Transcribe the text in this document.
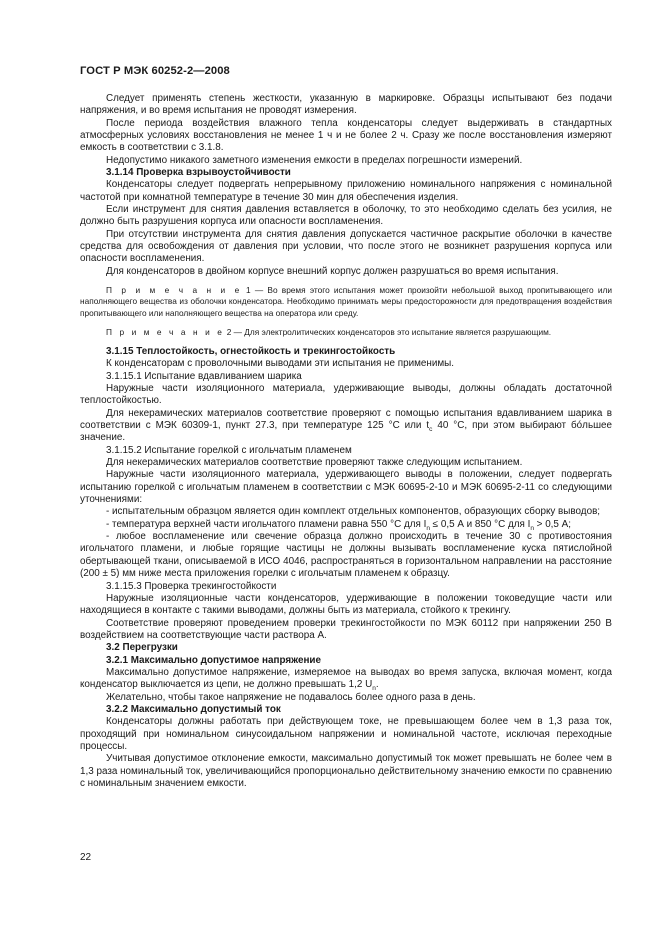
ГОСТ Р МЭК 60252-2—2008

Следует применять степень жесткости, указанную в маркировке. Образцы испытывают без подачи напряжения, и во время испытания не проводят измерения.

После периода воздействия влажного тепла конденсаторы следует выдерживать в стандартных атмосферных условиях восстановления не менее 1 ч и не более 2 ч. Сразу же после восстановления измеряют емкость в соответствии с 3.1.8.

Недопустимо никакого заметного изменения емкости в пределах погрешности измерений.

3.1.14 Проверка взрывоустойчивости

Конденсаторы следует подвергать непрерывному приложению номинального напряжения с номинальной частотой при комнатной температуре в течение 30 мин для обеспечения изделия.

Если инструмент для снятия давления вставляется в оболочку, то это необходимо сделать без усилия, не должно быть разрушения корпуса или опасности воспламенения.

При отсутствии инструмента для снятия давления допускается частичное раскрытие оболочки в качестве средства для освобождения от давления при условии, что после этого не возникнет разрушения корпуса или опасности воспламенения.

Для конденсаторов в двойном корпусе внешний корпус должен разрушаться во время испытания.

П р и м е ч а н и е 1 — Во время этого испытания может произойти небольшой выход пропитывающего или наполняющего вещества из оболочки конденсатора. Необходимо принимать меры предосторожности для предотвращения воздействия пропитывающего или наполняющего вещества на оператора или среду.

П р и м е ч а н и е 2 — Для электролитических конденсаторов это испытание является разрушающим.

3.1.15 Теплостойкость, огнестойкость и трекингостойкость

К конденсаторам с проволочными выводами эти испытания не применимы.

3.1.15.1 Испытание вдавливанием шарика

Наружные части изоляционного материала, удерживающие выводы, должны обладать достаточной теплостойкостью.

Для некерамических материалов соответствие проверяют с помощью испытания вдавливанием шарика в соответствии с МЭК 60309-1, пункт 27.3, при температуре 125 °C или $t_c$ 40 °C, при этом выбирают бóльшее значение.

3.1.15.2 Испытание горелкой с игольчатым пламенем

Для некерамических материалов соответствие проверяют также следующим испытанием.

Наружные части изоляционного материала, удерживающего выводы в положении, следует подвергать испытанию горелкой с игольчатым пламенем в соответствии с МЭК 60695-2-10 и МЭК 60695-2-11 со следующими уточнениями:

- испытательным образцом является один комплект отдельных компонентов, образующих сборку выводов;

- температура верхней части игольчатого пламени равна 550 °C для $I_n \le 0,5$ А и 850 °C для $I_n > 0,5$ А;

- любое воспламенение или свечение образца должно происходить в течение 30 с противостояния игольчатого пламени, и любые горящие частицы не должны вызывать воспламенение куска пятислойной обертывающей ткани, описываемой в ИСО 4046, распространяться в горизонтальном направлении на расстояние (200 ± 5) мм ниже места приложения горелки с игольчатым пламенем к образцу.

3.1.15.3 Проверка трекингостойкости

Наружные изоляционные части конденсаторов, удерживающие в положении токоведущие части или находящиеся в контакте с такими выводами, должны быть из материала, стойкого к трекингу.

Соответствие проверяют проведением проверки трекингостойкости по МЭК 60112 при напряжении 250 В воздействием на соответствующие части раствора А.

3.2 Перегрузки

3.2.1 Максимально допустимое напряжение

Максимально допустимое напряжение, измеряемое на выводах во время запуска, включая момент, когда конденсатор выключается из цепи, не должно превышать 1,2 $U_n$.

Желательно, чтобы такое напряжение не подавалось более одного раза в день.

3.2.2 Максимально допустимый ток

Конденсаторы должны работать при действующем токе, не превышающем более чем в 1,3 раза ток, проходящий при номинальном синусоидальном напряжении и номинальной частоте, исключая переходные процессы.

Учитывая допустимое отклонение емкости, максимально допустимый ток может превышать не более чем в 1,3 раза номинальный ток, увеличивающийся пропорционально действительному значению емкости по сравнению с номинальным значением емкости.

22
